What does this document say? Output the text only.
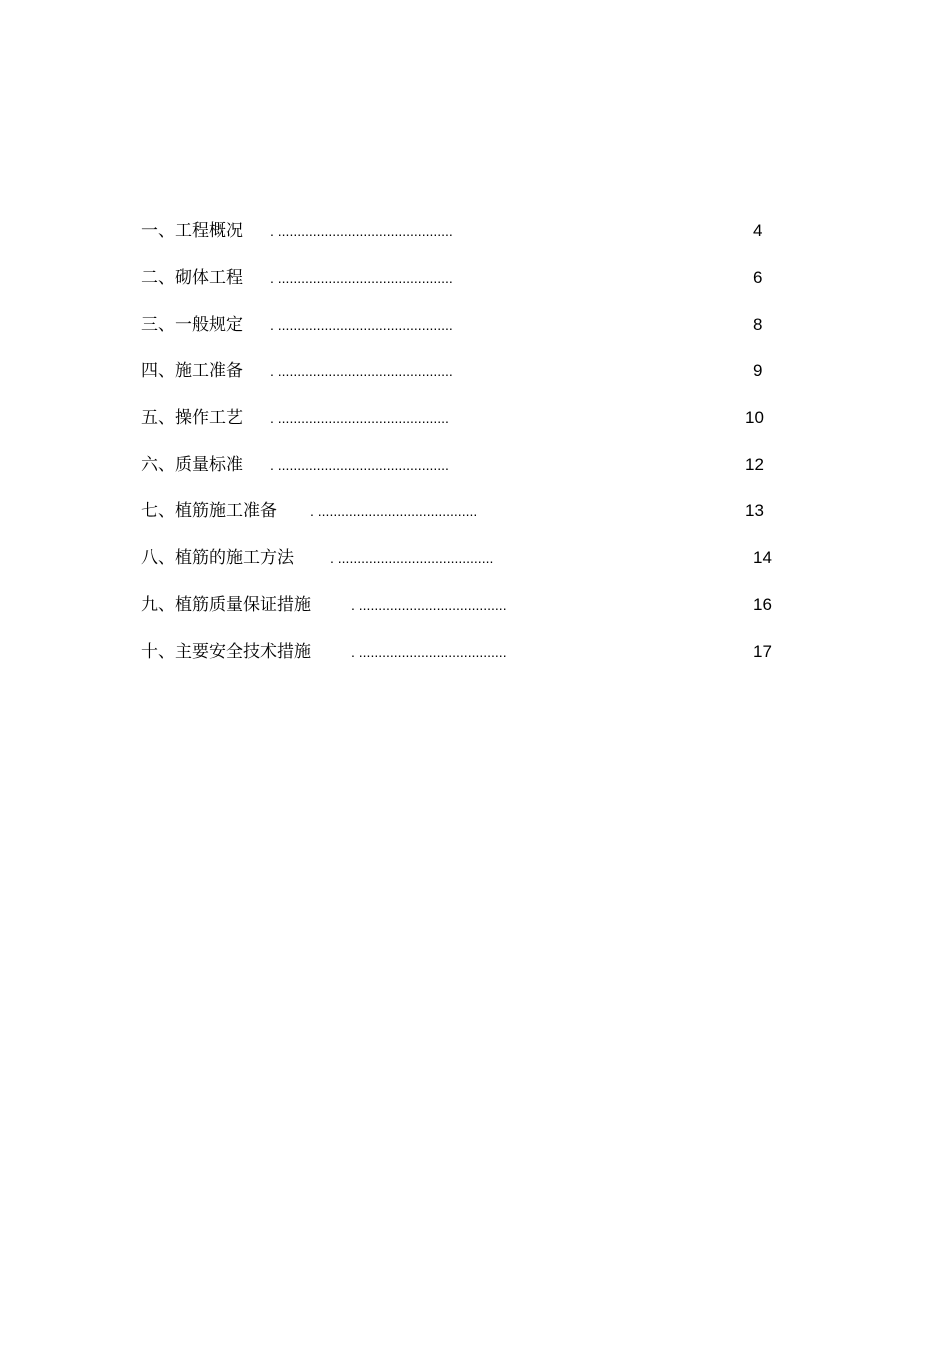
一、工程概况 . .............................................	4
二、砌体工程 . .............................................	6
三、一般规定 . .............................................	8
四、施工准备 . .............................................	9
五、操作工艺 . ............................................	10
六、质量标准 . ............................................	12
七、植筋施工准备 . .........................................	13
八、植筋的施工方法	. ........................................	14
九、植筋质量保证措施	. ......................................	16
十、主要安全技术措施	. ......................................	17
